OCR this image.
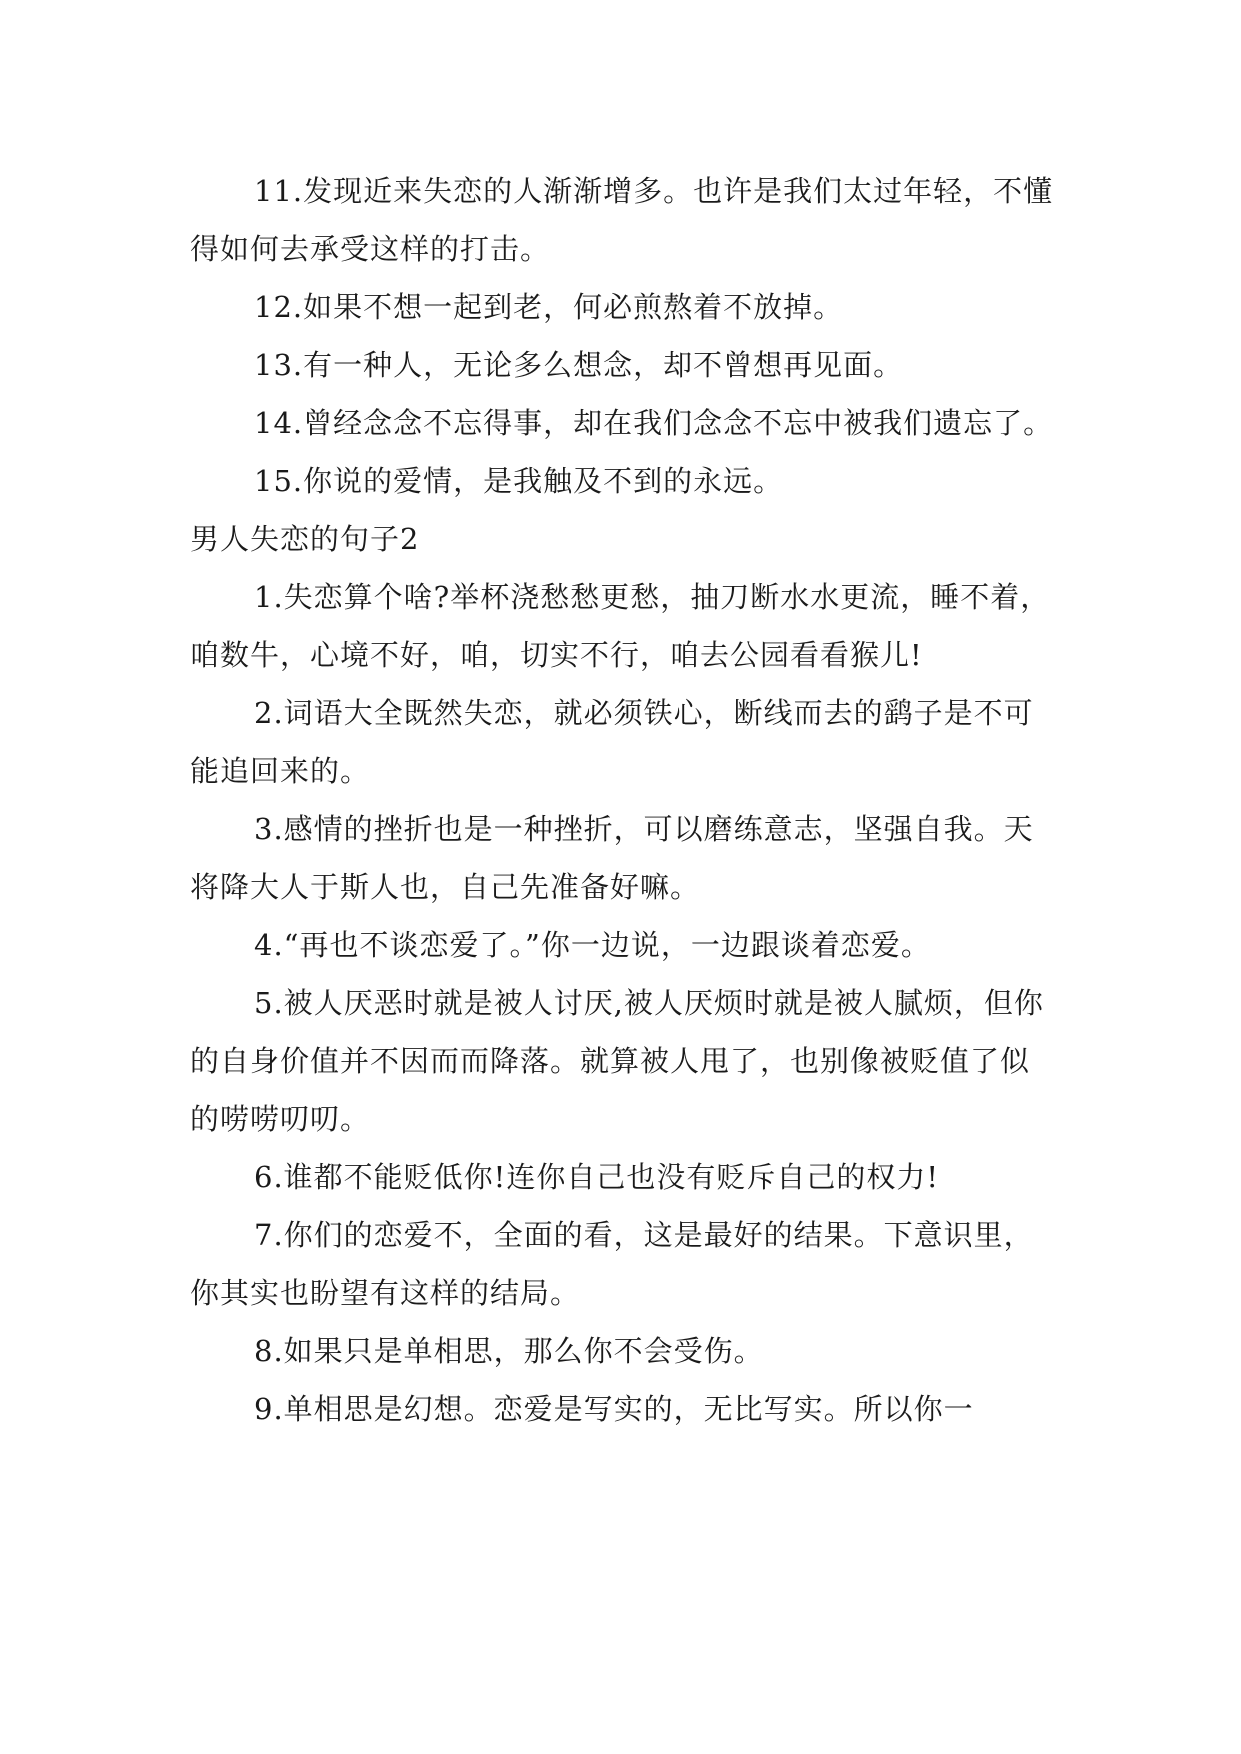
11.发现近来失恋的人渐渐增多。也许是我们太过年轻，不懂得如何去承受这样的打击。

12.如果不想一起到老，何必煎熬着不放掉。

13.有一种人，无论多么想念，却不曾想再见面。

14.曾经念念不忘得事，却在我们念念不忘中被我们遗忘了。

15.你说的爱情，是我触及不到的永远。

男人失恋的句子2

1.失恋算个啥?举杯浇愁愁更愁，抽刀断水水更流，睡不着，咱数牛，心境不好，咱，切实不行，咱去公园看看猴儿!

2.词语大全既然失恋，就必须铁心，断线而去的鹞子是不可能追回来的。

3.感情的挫折也是一种挫折，可以磨练意志，坚强自我。天将降大人于斯人也，自己先准备好嘛。

4.“再也不谈恋爱了。”你一边说，一边跟谈着恋爱。

5.被人厌恶时就是被人讨厌,被人厌烦时就是被人腻烦，但你的自身价值并不因而而降落。就算被人甩了，也别像被贬值了似的唠唠叨叨。

6.谁都不能贬低你!连你自己也没有贬斥自己的权力!

7.你们的恋爱不，全面的看，这是最好的结果。下意识里，你其实也盼望有这样的结局。

8.如果只是单相思，那么你不会受伤。

9.单相思是幻想。恋爱是写实的，无比写实。所以你一
